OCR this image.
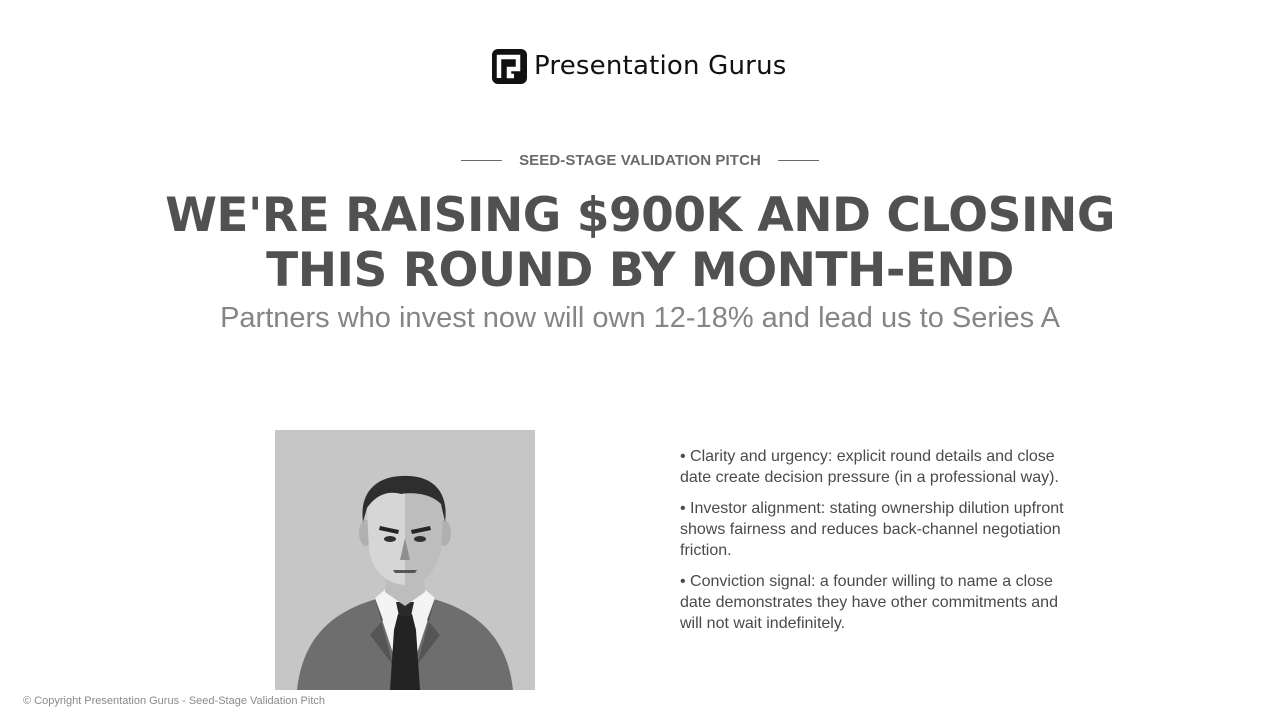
Presentation Gurus
SEED-STAGE VALIDATION PITCH
WE'RE RAISING $900K AND CLOSING THIS ROUND BY MONTH-END

Partners who invest now will own 12-18% and lead us to Series A

• Clarity and urgency: explicit round details and close date create decision pressure (in a professional way).
• Investor alignment: stating ownership dilution upfront shows fairness and reduces back-channel negotiation friction.
• Conviction signal: a founder willing to name a close date demonstrates they have other commitments and will not wait indefinitely.
© Copyright Presentation Gurus - Seed-Stage Validation Pitch
